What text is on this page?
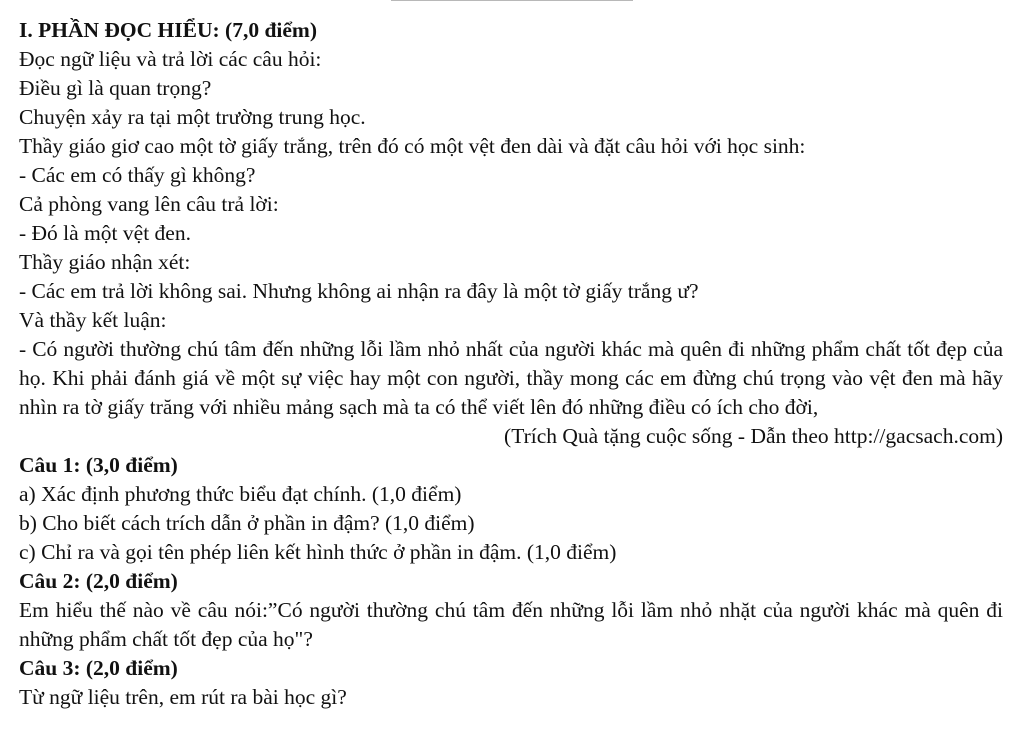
I. PHẦN ĐỌC HIỂU: (7,0 điểm)
Đọc ngữ liệu và trả lời các câu hỏi:
Điều gì là quan trọng?
Chuyện xảy ra tại một trường trung học.
Thầy giáo giơ cao một tờ giấy trắng, trên đó có một vệt đen dài và đặt câu hỏi với học sinh:
- Các em có thấy gì không?
Cả phòng vang lên câu trả lời:
- Đó là một vệt đen.
Thầy giáo nhận xét:
- Các em trả lời không sai. Nhưng không ai nhận ra đây là một tờ giấy trắng ư?
Và thầy kết luận:
- Có người thường chú tâm đến những lỗi lầm nhỏ nhất của người khác mà quên đi những phẩm chất tốt đẹp của họ. Khi phải đánh giá về một sự việc hay một con người, thầy mong các em đừng chú trọng vào vệt đen mà hãy nhìn ra tờ giấy trăng với nhiều mảng sạch mà ta có thể viết lên đó những điều có ích cho đời,
(Trích Quà tặng cuộc sống - Dẫn theo http://gacsach.com)
Câu 1: (3,0 điểm)
a) Xác định phương thức biểu đạt chính. (1,0 điểm)
b) Cho biết cách trích dẫn ở phần in đậm? (1,0 điểm)
c) Chỉ ra và gọi tên phép liên kết hình thức ở phần in đậm. (1,0 điểm)
Câu 2: (2,0 điểm)
Em hiểu thế nào về câu nói:”Có người thường chú tâm đến những lỗi lầm nhỏ nhặt của người khác mà quên đi những phẩm chất tốt đẹp của họ"?
Câu 3: (2,0 điểm)
Từ ngữ liệu trên, em rút ra bài học gì?
